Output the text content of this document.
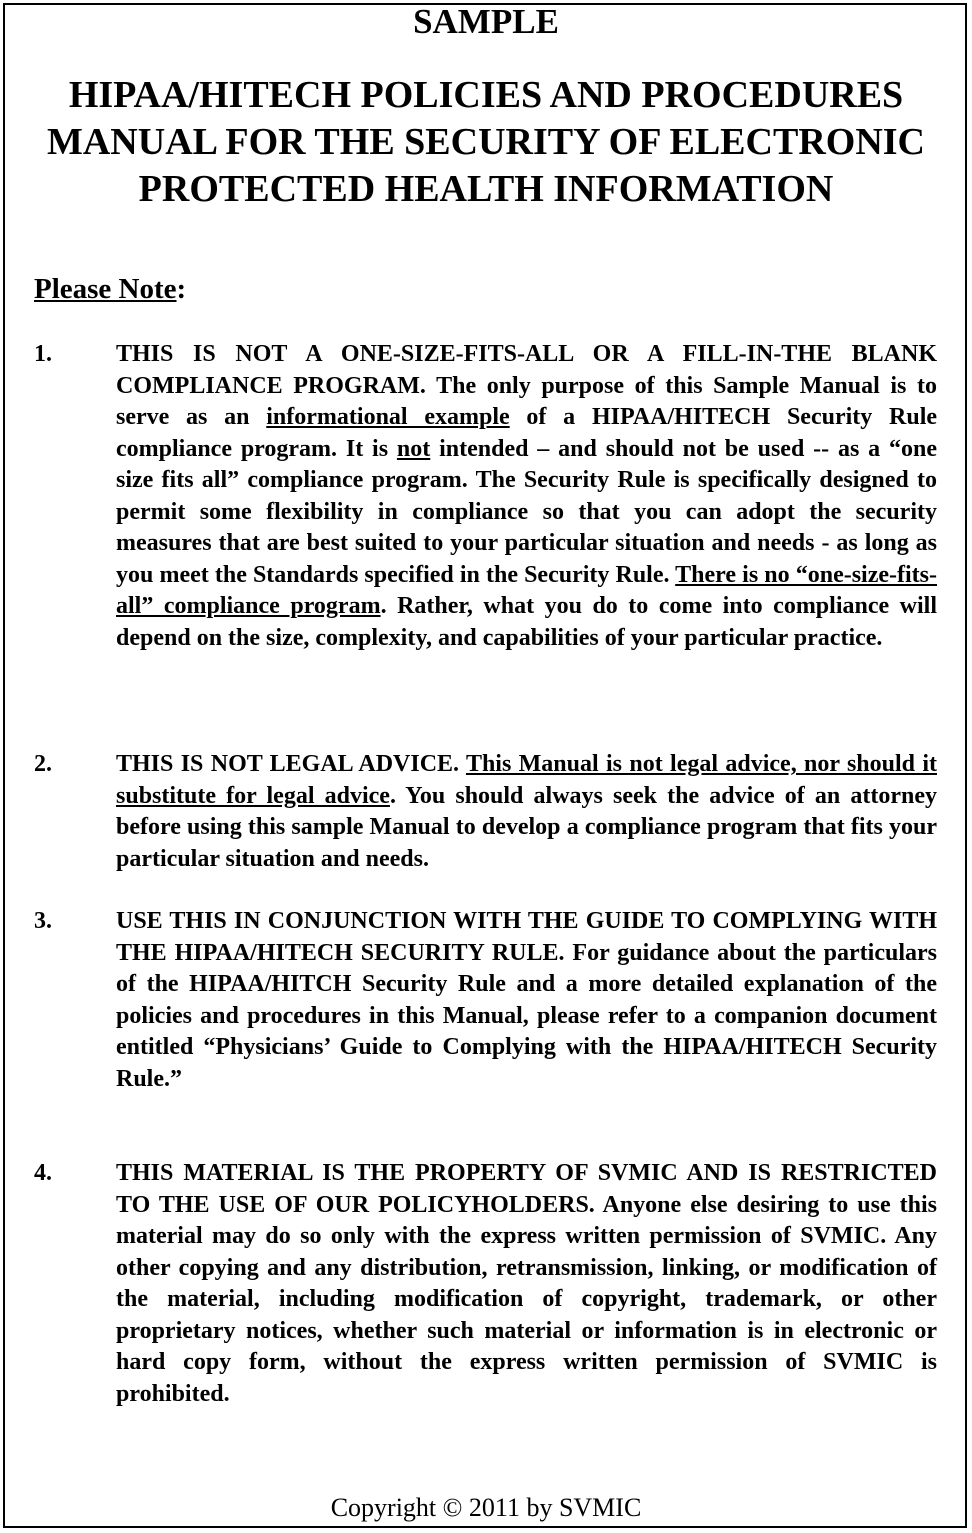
SAMPLE
HIPAA/HITECH POLICIES AND PROCEDURES
MANUAL FOR THE SECURITY OF ELECTRONIC
PROTECTED HEALTH INFORMATION
Please Note:
1.	THIS IS NOT A ONE-SIZE-FITS-ALL OR A FILL-IN-THE BLANK COMPLIANCE PROGRAM. The only purpose of this Sample Manual is to serve as an informational example of a HIPAA/HITECH Security Rule compliance program. It is not intended – and should not be used -- as a “one size fits all” compliance program. The Security Rule is specifically designed to permit some flexibility in compliance so that you can adopt the security measures that are best suited to your particular situation and needs - as long as you meet the Standards specified in the Security Rule. There is no “one-size-fits-all” compliance program. Rather, what you do to come into compliance will depend on the size, complexity, and capabilities of your particular practice.
2.	THIS IS NOT LEGAL ADVICE. This Manual is not legal advice, nor should it substitute for legal advice. You should always seek the advice of an attorney before using this sample Manual to develop a compliance program that fits your particular situation and needs.
3.	USE THIS IN CONJUNCTION WITH THE GUIDE TO COMPLYING WITH THE HIPAA/HITECH SECURITY RULE. For guidance about the particulars of the HIPAA/HITCH Security Rule and a more detailed explanation of the policies and procedures in this Manual, please refer to a companion document entitled “Physicians’ Guide to Complying with the HIPAA/HITECH Security Rule.”
4.	THIS MATERIAL IS THE PROPERTY OF SVMIC AND IS RESTRICTED TO THE USE OF OUR POLICYHOLDERS. Anyone else desiring to use this material may do so only with the express written permission of SVMIC. Any other copying and any distribution, retransmission, linking, or modification of the material, including modification of copyright, trademark, or other proprietary notices, whether such material or information is in electronic or hard copy form, without the express written permission of SVMIC is prohibited.
Copyright © 2011 by SVMIC
